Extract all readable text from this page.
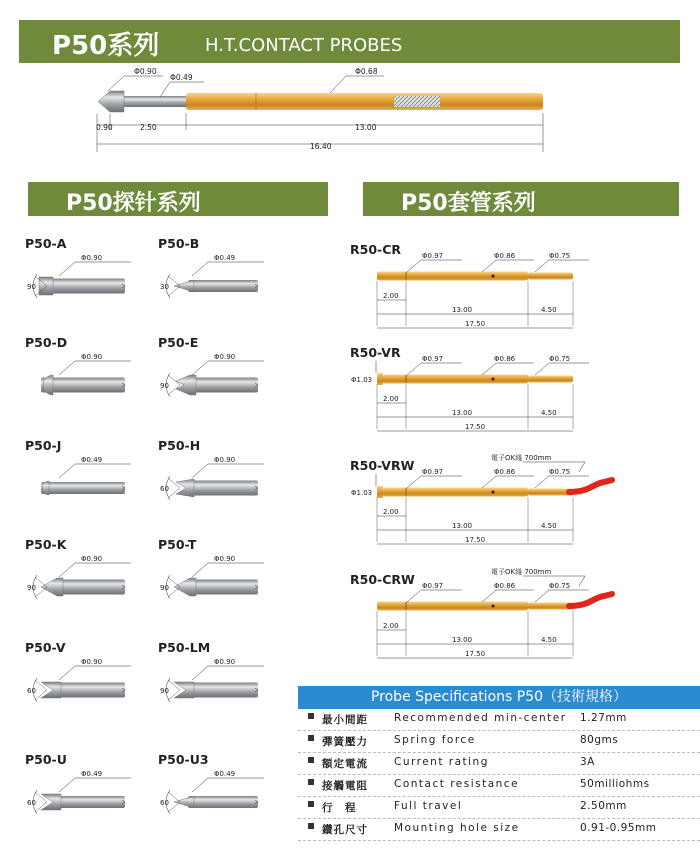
P50系列	H.T.CONTACT PROBES
P50探针系列	P50套管系列
Φ0.90
Φ0.49
Φ0.68
0.90	2.50	13.00
16.40
Φ0.90
90
Φ0.49
30
Φ0.90	Φ0.90
90
Φ0.49	Φ0.90
60
Φ0.90
90
Φ0.90
90
Φ0.90
60
Φ0.90
90
Φ0.49
60
Φ0.49
60
Φ0.97	Φ0.86	Φ0.75
2.00
13.00	4.50
17.50
Φ0.97	Φ0.86	Φ0.75
Φ1.03
2.00
13.00	4.50
17.50
電子OK綫 700mm
Φ0.97	Φ0.86	Φ0.75
Φ1.03
2.00
13.00	4.50
17.50
電子OK綫 700mm
Φ0.97	Φ0.86	Φ0.75
2.00
13.00	4.50
17.50
Probe Specifications P50（技術規格）
最小間距 Recommended min-center 1.27mm
彈簧壓力 Spring force	80gms
額定電流 Current rating	3A
接觸電阻 Contact resistance	50milliohms
行　程	Full travel	2.50mm
鑽孔尺寸 Mounting hole size	0.91-0.95mm
P50-A	P50-B
P50-D	P50-E
P50-J	P50-H
P50-K	P50-T
P50-V	P50-LM
P50-U	P50-U3
R50-CR
R50-VR
R50-VRW
R50-CRW
